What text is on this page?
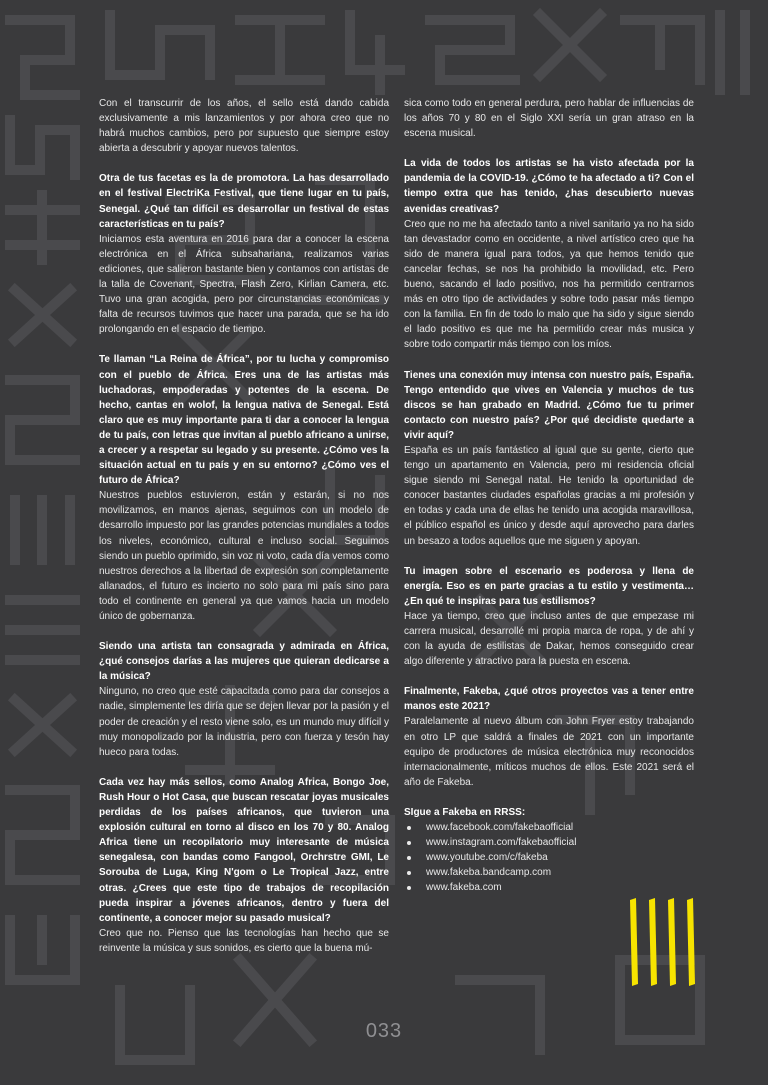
Con el transcurrir de los años, el sello está dando cabida exclusivamente a mis lanzamientos y por ahora creo que no habrá muchos cambios, pero por supuesto que siempre estoy abierta a descubrir y apoyar nuevos talentos.

Otra de tus facetas es la de promotora. La has desarrollado en el festival ElectriKa Festival, que tiene lugar en tu país, Senegal. ¿Qué tan difícil es desarrollar un festival de estas características en tu país?

Iniciamos esta aventura en 2016 para dar a conocer la escena electrónica en el África subsahariana, realizamos varias ediciones, que salieron bastante bien y contamos con artistas de la talla de Covenant, Spectra, Flash Zero, Kirlian Camera, etc. Tuvo una gran acogida, pero por circunstancias económicas y falta de recursos tuvimos que hacer una parada, que se ha ido prolongando en el espacio de tiempo.

Te llaman “La Reina de África”, por tu lucha y compromiso con el pueblo de África. Eres una de las artistas más luchadoras, empoderadas y potentes de la escena. De hecho, cantas en wolof, la lengua nativa de Senegal. Está claro que es muy importante para ti dar a conocer la lengua de tu país, con letras que invitan al pueblo africano a unirse, a crecer y a respetar su legado y su presente. ¿Cómo ves la situación actual en tu país y en su entorno? ¿Cómo ves el futuro de África?

Nuestros pueblos estuvieron, están y estarán, si no nos movilizamos, en manos ajenas, seguimos con un modelo de desarrollo impuesto por las grandes potencias mundiales a todos los niveles, económico, cultural e incluso social. Seguimos siendo un pueblo oprimido, sin voz ni voto, cada día vemos como nuestros derechos a la libertad de expresión son completamente allanados, el futuro es incierto no solo para mi país sino para todo el continente en general ya que vamos hacia un modelo único de gobernanza.

Siendo una artista tan consagrada y admirada en África, ¿qué consejos darías a las mujeres que quieran dedicarse a la música?

Ninguno, no creo que esté capacitada como para dar consejos a nadie, simplemente les diría que se dejen llevar por la pasión y el poder de creación y el resto viene solo, es un mundo muy difícil y muy monopolizado por la industria, pero con fuerza y tesón hay hueco para todas.

Cada vez hay más sellos, como Analog Africa, Bongo Joe, Rush Hour o Hot Casa, que buscan rescatar joyas musicales perdidas de los países africanos, que tuvieron una explosión cultural en torno al disco en los 70 y 80. Analog Africa tiene un recopilatorio muy interesante de música senegalesa, con bandas como Fangool, Orchrstre GMI, Le Sorouba de Luga, King N'gom o Le Tropical Jazz, entre otras. ¿Crees que este tipo de trabajos de recopilación pueda inspirar a jóvenes africanos, dentro y fuera del continente, a conocer mejor su pasado musical?

Creo que no. Pienso que las tecnologías han hecho que se reinvente la música y sus sonidos, es cierto que la buena mú-

sica como todo en general perdura, pero hablar de influencias de los años 70 y 80 en el Siglo XXI sería un gran atraso en la escena musical.

La vida de todos los artistas se ha visto afectada por la pandemia de la COVID-19. ¿Cómo te ha afectado a ti? Con el tiempo extra que has tenido, ¿has descubierto nuevas avenidas creativas?

Creo que no me ha afectado tanto a nivel sanitario ya no ha sido tan devastador como en occidente, a nivel artístico creo que ha sido de manera igual para todos, ya que hemos tenido que cancelar fechas, se nos ha prohibido la movilidad, etc. Pero bueno, sacando el lado positivo, nos ha permitido centrarnos más en otro tipo de actividades y sobre todo pasar más tiempo con la familia. En fin de todo lo malo que ha sido y sigue siendo el lado positivo es que me ha permitido crear más musica y sobre todo compartir más tiempo con los míos.

Tienes una conexión muy intensa con nuestro país, España. Tengo entendido que vives en Valencia y muchos de tus discos se han grabado en Madrid. ¿Cómo fue tu primer contacto con nuestro país? ¿Por qué decidiste quedarte a vivir aquí?

España es un país fantástico al igual que su gente, cierto que tengo un apartamento en Valencia, pero mi residencia oficial sigue siendo mi Senegal natal. He tenido la oportunidad de conocer bastantes ciudades españolas gracias a mi profesión y en todas y cada una de ellas he tenido una acogida maravillosa, el público español es único y desde aquí aprovecho para darles un besazo a todos aquellos que me siguen y apoyan.

Tu imagen sobre el escenario es poderosa y llena de energía. Eso es en parte gracias a tu estilo y vestimenta… ¿En qué te inspiras para tus estilismos?

Hace ya tiempo, creo que incluso antes de que empezase mi carrera musical, desarrollé mi propia marca de ropa, y de ahí y con la ayuda de estilistas de Dakar, hemos conseguido crear algo diferente y atractivo para la puesta en escena.

Finalmente, Fakeba, ¿qué otros proyectos vas a tener entre manos este 2021?

Paralelamente al nuevo álbum con John Fryer estoy trabajando en otro LP que saldrá a finales de 2021 con un importante equipo de productores de música electrónica muy reconocidos internacionalmente, míticos muchos de ellos. Este 2021 será el año de Fakeba.

SIgue a Fakeba en RRSS:

www.facebook.com/fakebaofficial
www.instagram.com/fakebaofficial
www.youtube.com/c/fakeba
www.fakeba.bandcamp.com
www.fakeba.com
033
